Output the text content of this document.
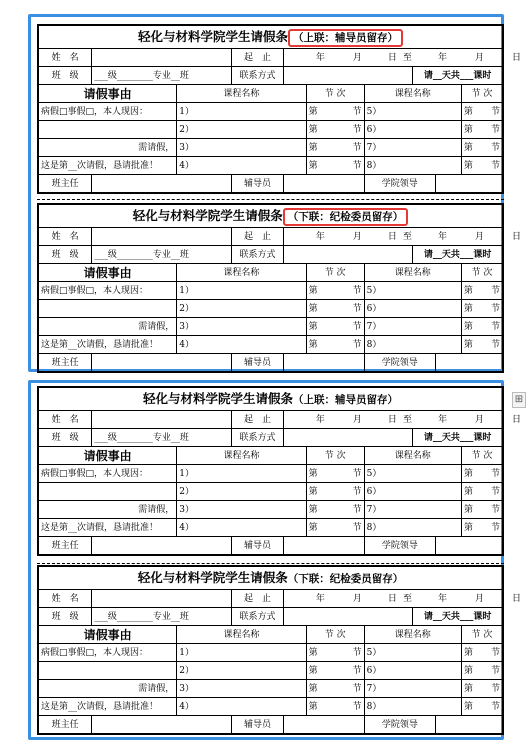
⊞
轻化与材料学院学生请假条 （上联：辅导员留存）									
姓　名			起　止	年 月 日 至 年 月 日					
班　级	___级________专业__班		联系方式				请__天共___课时		
请假事由		课程名称			节 次	课程名称			节 次
病假□事假□，本人现因：		1）			第 节	5）			第 节

		2）			第 节	6）			第 节

需请假，		3）			第 节	7）			第 节

这是第__次请假，恳请批准！		4）			第 节	8）			第 节

班主任			辅导员			学院领导			
轻化与材料学院学生请假条 （下联：纪检委员留存）									
姓　名			起　止	年 月 日 至 年 月 日					
班　级	___级________专业__班		联系方式				请__天共___课时		
请假事由		课程名称			节 次	课程名称			节 次
病假□事假□，本人现因：		1）			第 节	5）			第 节

		2）			第 节	6）			第 节

需请假，		3）			第 节	7）			第 节

这是第__次请假，恳请批准！		4）			第 节	8）			第 节

班主任			辅导员			学院领导			
轻化与材料学院学生请假条（上联：辅导员留存）									
姓　名			起　止	年 月 日 至 年 月 日					
班　级	___级________专业__班		联系方式				请__天共___课时		
请假事由		课程名称			节 次	课程名称			节 次
病假□事假□，本人现因：		1）			第 节	5）			第 节

		2）			第 节	6）			第 节

需请假，		3）			第 节	7）			第 节

这是第__次请假，恳请批准！		4）			第 节	8）			第 节

班主任			辅导员			学院领导			
轻化与材料学院学生请假条（下联：纪检委员留存）									
姓　名			起　止	年 月 日 至 年 月 日					
班　级	___级________专业__班		联系方式				请__天共___课时		
请假事由		课程名称			节 次	课程名称			节 次
病假□事假□，本人现因：		1）			第 节	5）			第 节

		2）			第 节	6）			第 节

需请假，		3）			第 节	7）			第 节

这是第__次请假，恳请批准！		4）			第 节	8）			第 节

班主任			辅导员			学院领导			
